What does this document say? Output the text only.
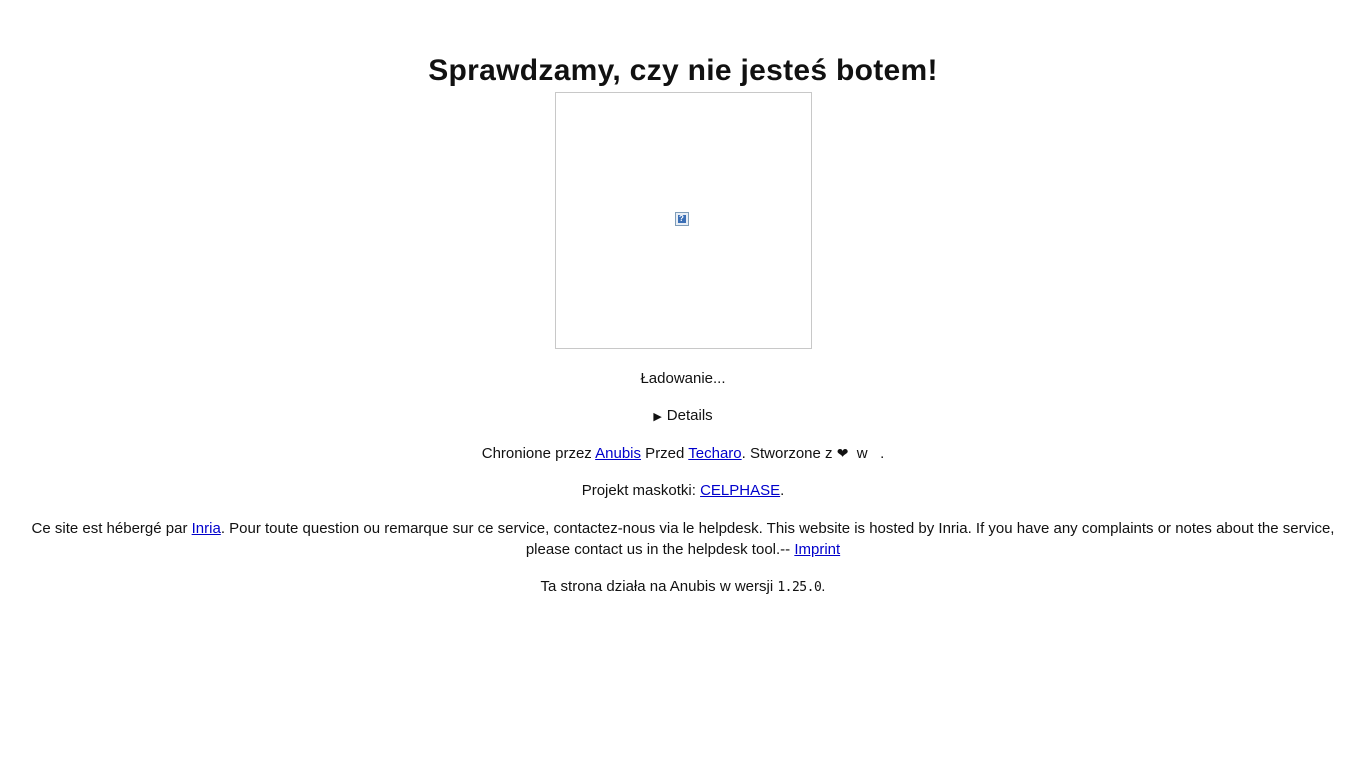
Sprawdzamy, czy nie jesteś botem!
?

Ładowanie...

▶ Details

Chronione przez Anubis Przed Techaro. Stworzone z ❤  w   .

Projekt maskotki: CELPHASE.

Ce site est hébergé par Inria. Pour toute question ou remarque sur ce service, contactez-nous via le helpdesk. This website is hosted by Inria. If you have any complaints or notes about the service, please contact us in the helpdesk tool.-- Imprint

Ta strona działa na Anubis w wersji 1.25.0.
